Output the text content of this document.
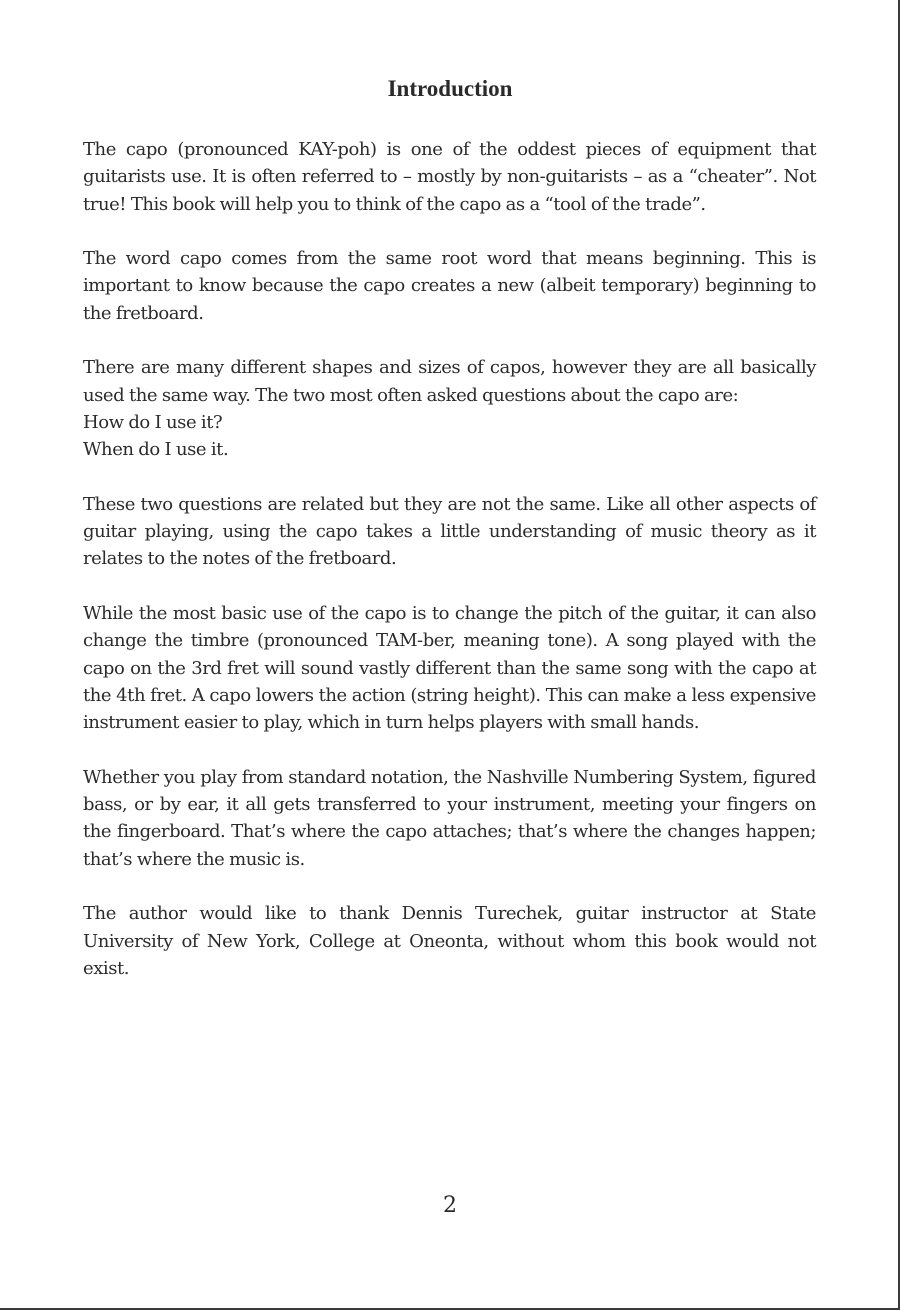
Introduction

The capo (pronounced KAY-poh) is one of the oddest pieces of equipment that guitarists use. It is often referred to – mostly by non-guitarists – as a “cheater”. Not true! This book will help you to think of the capo as a “tool of the trade”.

The word capo comes from the same root word that means beginning. This is important to know because the capo creates a new (albeit temporary) beginning to the fretboard.

There are many different shapes and sizes of capos, however they are all basically used the same way. The two most often asked questions about the capo are:
How do I use it?
When do I use it.

These two questions are related but they are not the same. Like all other aspects of guitar playing, using the capo takes a little understanding of music theory as it relates to the notes of the fretboard.

While the most basic use of the capo is to change the pitch of the guitar, it can also change the timbre (pronounced TAM-ber, meaning tone). A song played with the capo on the 3rd fret will sound vastly different than the same song with the capo at the 4th fret. A capo lowers the action (string height). This can make a less expensive instrument easier to play, which in turn helps players with small hands.

Whether you play from standard notation, the Nashville Numbering System, figured bass, or by ear, it all gets transferred to your instrument, meeting your fingers on the fingerboard. That’s where the capo attaches; that’s where the changes happen; that’s where the music is.

The author would like to thank Dennis Turechek, guitar instructor at State University of New York, College at Oneonta, without whom this book would not exist.

2
